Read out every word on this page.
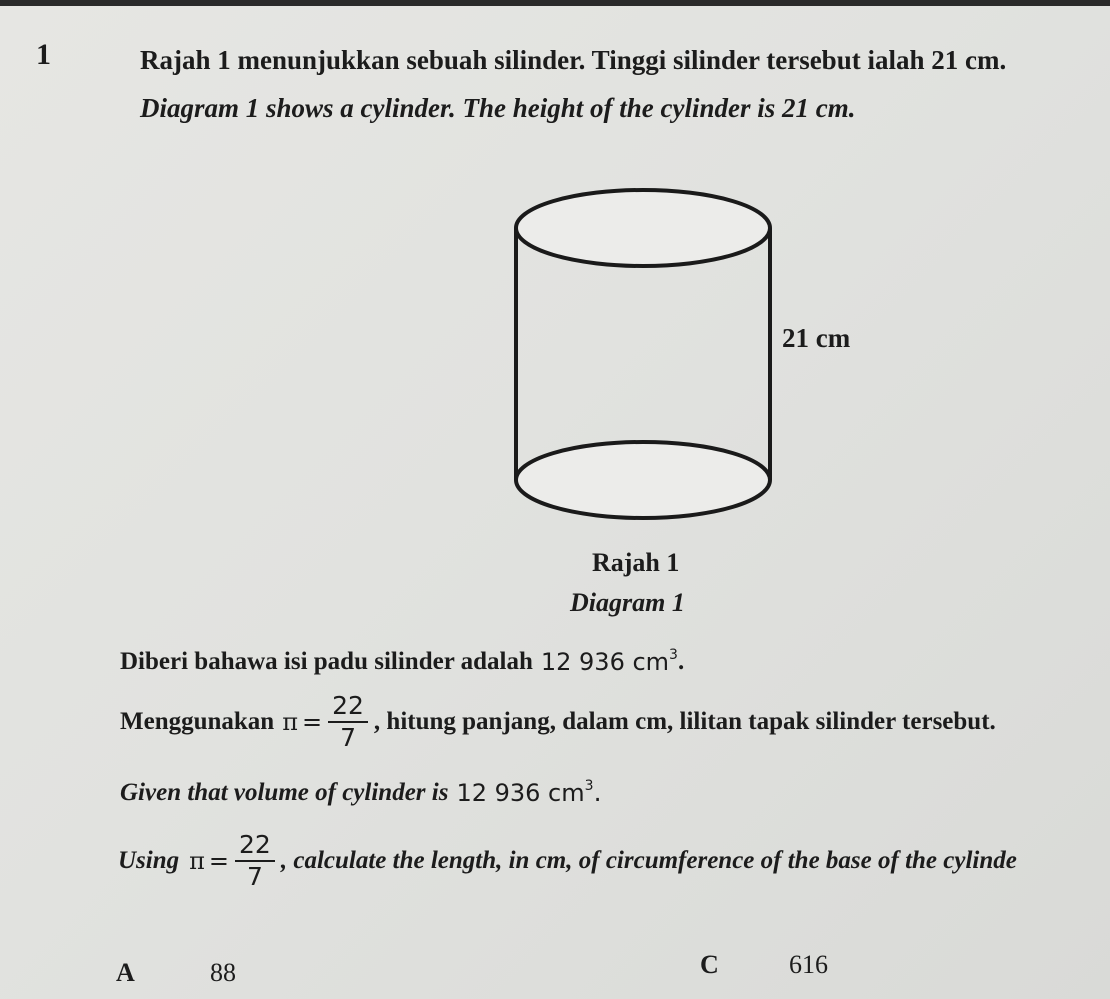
1	Rajah 1 menunjukkan sebuah silinder. Tinggi silinder tersebut ialah 21 cm.
Diagram 1 shows a cylinder. The height of the cylinder is 21 cm.
21 cm
Rajah 1
Diagram 1
Diberi bahawa isi padu silinder adalah 12 936 $cm^3$ .
Menggunakan $\pi = \frac{22}{7}$ , hitung panjang, dalam cm, lilitan tapak silinder tersebut.
Given that volume of cylinder is 12 936 $cm^3$ .
Using $\pi = \frac{22}{7}$ , calculate the length, in cm, of circumference of the base of the cylinde
A	88	C	616
